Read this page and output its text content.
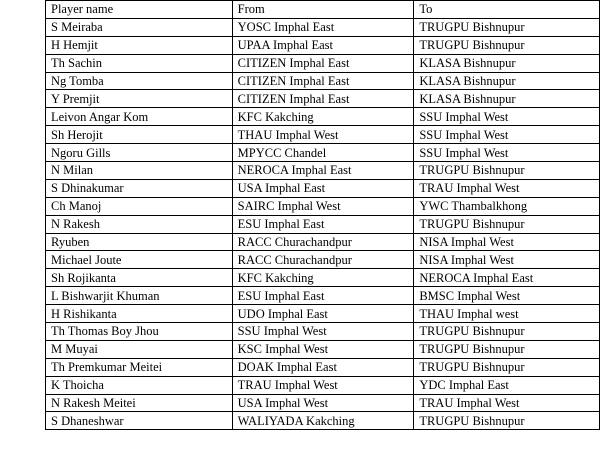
Player name	From	To
S Meiraba	YOSC Imphal East	TRUGPU Bishnupur
H Hemjit	UPAA Imphal East	TRUGPU Bishnupur
Th Sachin	CITIZEN Imphal East	KLASA Bishnupur
Ng Tomba	CITIZEN Imphal East	KLASA Bishnupur
Y Premjit	CITIZEN Imphal East	KLASA Bishnupur
Leivon Angar Kom	KFC Kakching	SSU Imphal West
Sh Herojit	THAU Imphal West	SSU Imphal West
Ngoru Gills	MPYCC Chandel	SSU Imphal West
N Milan	NEROCA Imphal East	TRUGPU Bishnupur
S Dhinakumar	USA Imphal East	TRAU Imphal West
Ch Manoj	SAIRC Imphal West	YWC Thambalkhong
N Rakesh	ESU Imphal East	TRUGPU Bishnupur
Ryuben	RACC Churachandpur	NISA Imphal West
Michael Joute	RACC Churachandpur	NISA Imphal West
Sh Rojikanta	KFC Kakching	NEROCA Imphal East
L Bishwarjit Khuman	ESU Imphal East	BMSC Imphal West
H Rishikanta	UDO Imphal East	THAU Imphal west
Th Thomas Boy Jhou	SSU Imphal West	TRUGPU Bishnupur
M Muyai	KSC Imphal West	TRUGPU Bishnupur
Th Premkumar Meitei	DOAK Imphal East	TRUGPU Bishnupur
K Thoicha	TRAU Imphal West	YDC Imphal East
N Rakesh Meitei	USA Imphal West	TRAU Imphal West
S Dhaneshwar	WALIYADA Kakching	TRUGPU Bishnupur
